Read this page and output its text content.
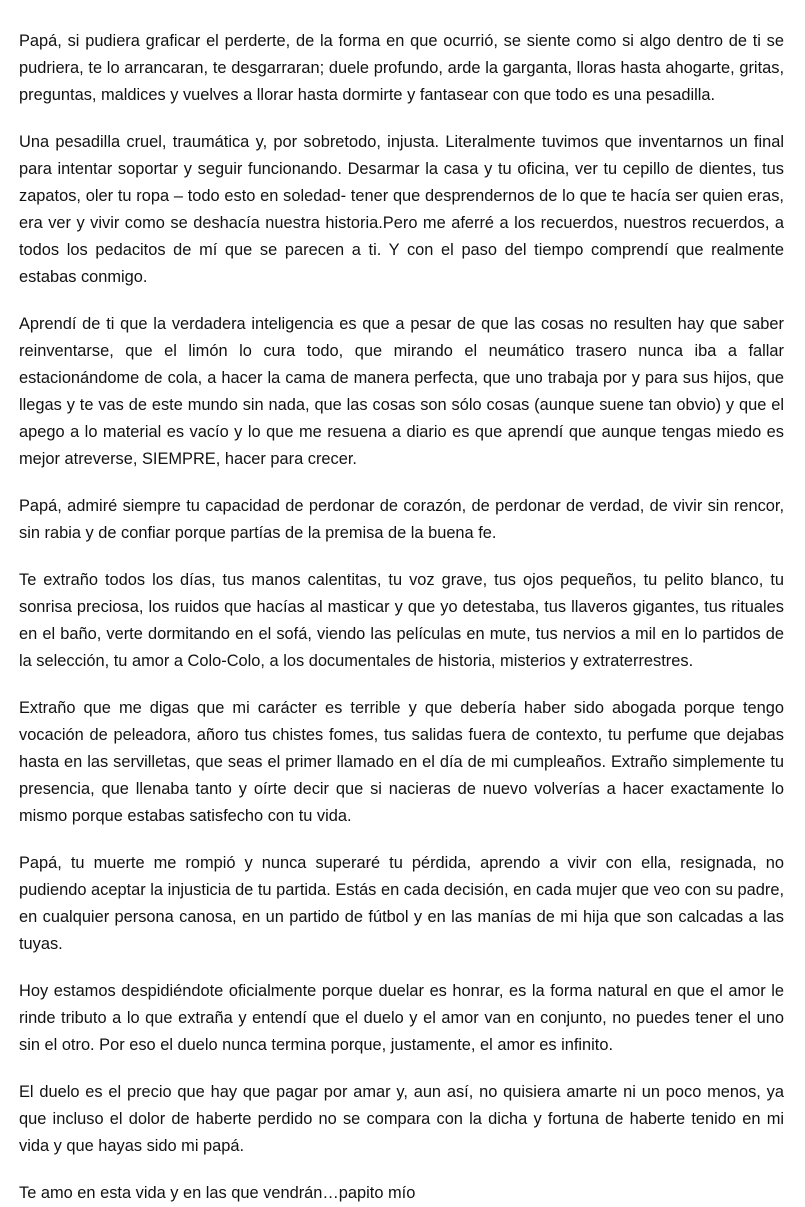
Papá, si pudiera graficar el perderte, de la forma en que ocurrió, se siente como si algo dentro de ti se pudriera, te lo arrancaran, te desgarraran; duele profundo, arde la garganta, lloras hasta ahogarte, gritas, preguntas, maldices y vuelves a llorar hasta dormirte y fantasear con que todo es una pesadilla.

Una pesadilla cruel, traumática y, por sobretodo, injusta. Literalmente tuvimos que inventarnos un final para intentar soportar y seguir funcionando. Desarmar la casa y tu oficina, ver tu cepillo de dientes, tus zapatos, oler tu ropa – todo esto en soledad- tener que desprendernos de lo que te hacía ser quien eras, era ver y vivir como se deshacía nuestra historia.Pero me aferré a los recuerdos, nuestros recuerdos, a todos los pedacitos de mí que se parecen a ti. Y con el paso del tiempo comprendí que realmente estabas conmigo.

Aprendí de ti que la verdadera inteligencia es que a pesar de que las cosas no resulten hay que saber reinventarse, que el limón lo cura todo, que mirando el neumático trasero nunca iba a fallar estacionándome de cola, a hacer la cama de manera perfecta, que uno trabaja por y para sus hijos, que llegas y te vas de este mundo sin nada, que las cosas son sólo cosas (aunque suene tan obvio) y que el apego a lo material es vacío y lo que me resuena a diario es que aprendí que aunque tengas miedo es mejor atreverse, SIEMPRE, hacer para crecer.

Papá, admiré siempre tu capacidad de perdonar de corazón, de perdonar de verdad, de vivir sin rencor, sin rabia y de confiar porque partías de la premisa de la buena fe.

Te extraño todos los días, tus manos calentitas, tu voz grave, tus ojos pequeños, tu pelito blanco, tu sonrisa preciosa, los ruidos que hacías al masticar y que yo detestaba, tus llaveros gigantes, tus rituales en el baño, verte dormitando en el sofá, viendo las películas en mute, tus nervios a mil en lo partidos de la selección, tu amor a Colo-Colo, a los documentales de historia, misterios y extraterrestres.

Extraño que me digas que mi carácter es terrible y que debería haber sido abogada porque tengo vocación de peleadora, añoro tus chistes fomes, tus salidas fuera de contexto, tu perfume que dejabas hasta en las servilletas, que seas el primer llamado en el día de mi cumpleaños. Extraño simplemente tu presencia, que llenaba tanto y oírte decir que si nacieras de nuevo volverías a hacer exactamente lo mismo porque estabas satisfecho con tu vida.

Papá, tu muerte me rompió y nunca superaré tu pérdida, aprendo a vivir con ella, resignada, no pudiendo aceptar la injusticia de tu partida. Estás en cada decisión, en cada mujer que veo con su padre, en cualquier persona canosa, en un partido de fútbol y en las manías de mi hija que son calcadas a las tuyas.

Hoy estamos despidiéndote oficialmente porque duelar es honrar, es la forma natural en que el amor le rinde tributo a lo que extraña y entendí que el duelo y el amor van en conjunto, no puedes tener el uno sin el otro. Por eso el duelo nunca termina porque, justamente, el amor es infinito.

El duelo es el precio que hay que pagar por amar y, aun así, no quisiera amarte ni un poco menos, ya que incluso el dolor de haberte perdido no se compara con la dicha y fortuna de haberte tenido en mi vida y que hayas sido mi papá.

Te amo en esta vida y en las que vendrán…papito mío
